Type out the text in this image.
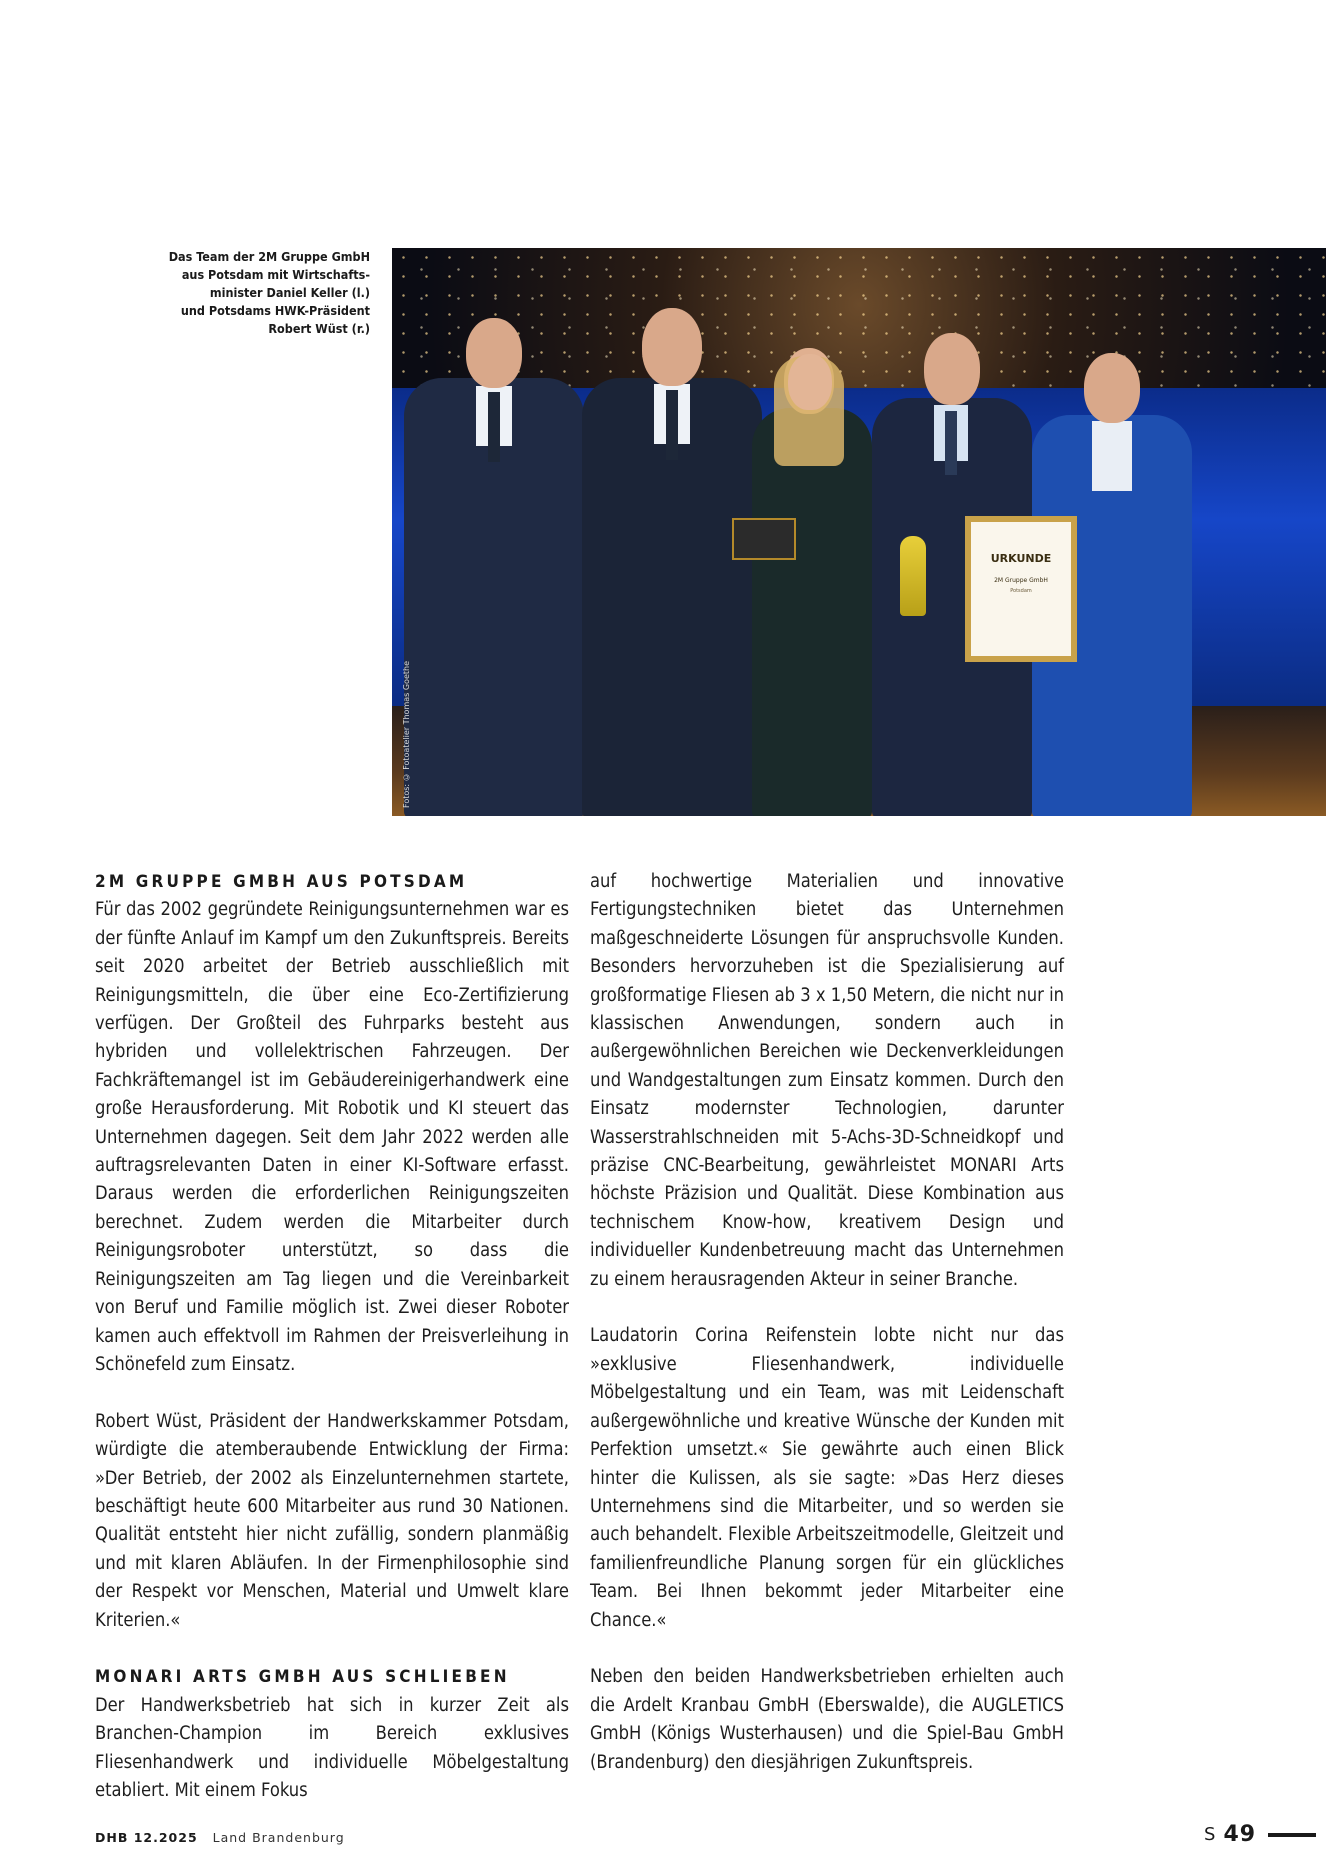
Das Team der 2M Gruppe GmbH
aus Potsdam mit Wirtschafts-
minister Daniel Keller (l.)
und Potsdams HWK-Präsident
Robert Wüst (r.)
URKUNDE
2M Gruppe GmbH
Potsdam
Fotos: © Fotoatelier Thomas Goethe
2M GRUPPE GMBH AUS POTSDAM

Für das 2002 gegründete Reinigungsunternehmen war es der fünfte Anlauf im Kampf um den Zukunftspreis. Bereits seit 2020 arbeitet der Betrieb ausschließlich mit Reinigungsmitteln, die über eine Eco-Zertifizierung verfügen. Der Großteil des Fuhrparks besteht aus hybriden und vollelektrischen Fahrzeugen. Der Fachkräftemangel ist im Gebäudereinigerhandwerk eine große Herausforderung. Mit Robotik und KI steuert das Unternehmen dagegen. Seit dem Jahr 2022 werden alle auftragsrelevanten Daten in einer KI-Software erfasst. Daraus werden die erforderlichen Reinigungszeiten berechnet. Zudem werden die Mitarbeiter durch Reinigungsroboter unterstützt, so dass die Reinigungszeiten am Tag liegen und die Vereinbarkeit von Beruf und Familie möglich ist. Zwei dieser Roboter kamen auch effektvoll im Rahmen der Preisverleihung in Schönefeld zum Einsatz.

Robert Wüst, Präsident der Handwerkskammer Potsdam, würdigte die atemberaubende Entwicklung der Firma: »Der Betrieb, der 2002 als Einzelunternehmen startete, beschäftigt heute 600 Mitarbeiter aus rund 30 Nationen. Qualität entsteht hier nicht zufällig, sondern planmäßig und mit klaren Abläufen. In der Firmenphilosophie sind der Respekt vor Menschen, Material und Umwelt klare Kriterien.«

MONARI ARTS GMBH AUS SCHLIEBEN

Der Handwerksbetrieb hat sich in kurzer Zeit als Branchen-Champion im Bereich exklusives Fliesenhandwerk und individuelle Möbelgestaltung etabliert. Mit einem Fokus

auf hochwertige Materialien und innovative Fertigungstechniken bietet das Unternehmen maßgeschneiderte Lösungen für anspruchsvolle Kunden. Besonders hervorzuheben ist die Spezialisierung auf großformatige Fliesen ab 3 x 1,50 Metern, die nicht nur in klassischen Anwendungen, sondern auch in außergewöhnlichen Bereichen wie Deckenverkleidungen und Wandgestaltungen zum Einsatz kommen. Durch den Einsatz modernster Technologien, darunter Wasserstrahlschneiden mit 5-Achs-3D-Schneidkopf und präzise CNC-Bearbeitung, gewährleistet MONARI Arts höchste Präzision und Qualität. Diese Kombination aus technischem Know-how, kreativem Design und individueller Kundenbetreuung macht das Unternehmen zu einem herausragenden Akteur in seiner Branche.

Laudatorin Corina Reifenstein lobte nicht nur das »exklusive Fliesenhandwerk, individuelle Möbelgestaltung und ein Team, was mit Leidenschaft außergewöhnliche und kreative Wünsche der Kunden mit Perfektion umsetzt.« Sie gewährte auch einen Blick hinter die Kulissen, als sie sagte: »Das Herz dieses Unternehmens sind die Mitarbeiter, und so werden sie auch behandelt. Flexible Arbeitszeitmodelle, Gleitzeit und familienfreundliche Planung sorgen für ein glückliches Team. Bei Ihnen bekommt jeder Mitarbeiter eine Chance.«

Neben den beiden Handwerksbetrieben erhielten auch die Ardelt Kranbau GmbH (Eberswalde), die AUGLETICS GmbH (Königs Wusterhausen) und die Spiel-Bau GmbH (Brandenburg) den diesjährigen Zukunftspreis.

DHB 12.2025 Land Brandenburg	S 49
